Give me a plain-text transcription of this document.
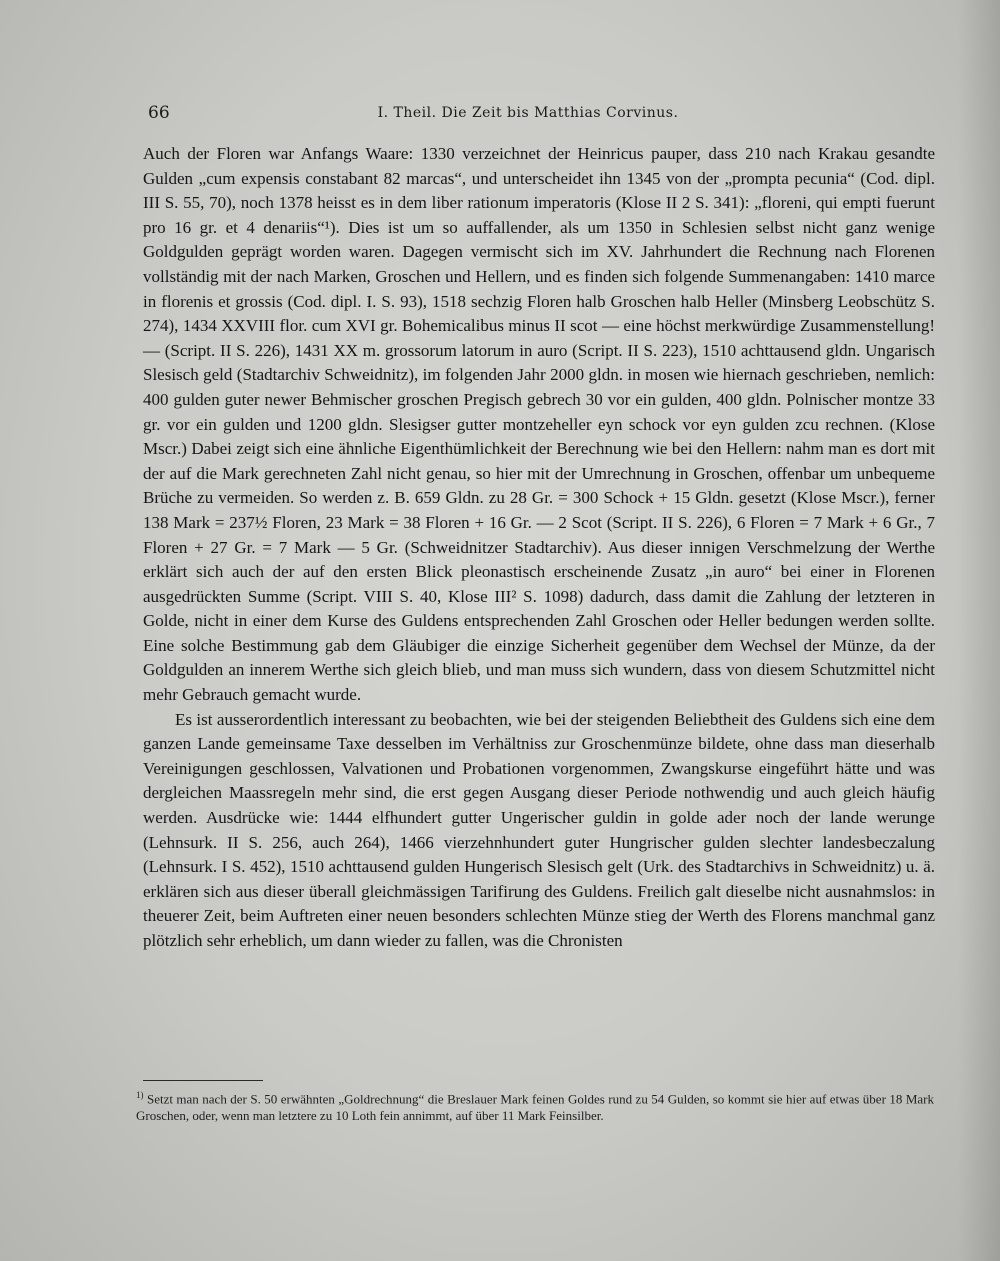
66	I. Theil. Die Zeit bis Matthias Corvinus.

Auch der Floren war Anfangs Waare: 1330 verzeichnet der Heinricus pauper, dass 210 nach Krakau gesandte Gulden „cum expensis constabant 82 marcas“, und unterscheidet ihn 1345 von der „prompta pecunia“ (Cod. dipl. III S. 55, 70), noch 1378 heisst es in dem liber rationum imperatoris (Klose II 2 S. 341): „floreni, qui empti fuerunt pro 16 gr. et 4 denariis“¹). Dies ist um so auffallender, als um 1350 in Schlesien selbst nicht ganz wenige Goldgulden geprägt worden waren. Dagegen vermischt sich im XV. Jahrhundert die Rechnung nach Florenen vollständig mit der nach Marken, Groschen und Hellern, und es finden sich folgende Summenangaben: 1410 marce in florenis et grossis (Cod. dipl. I. S. 93), 1518 sechzig Floren halb Groschen halb Heller (Minsberg Leobschütz S. 274), 1434 XXVIII flor. cum XVI gr. Bohemicalibus minus II scot — eine höchst merkwürdige Zusammenstellung! — (Script. II S. 226), 1431 XX m. grossorum latorum in auro (Script. II S. 223), 1510 achttausend gldn. Ungarisch Slesisch geld (Stadtarchiv Schweidnitz), im folgenden Jahr 2000 gldn. in mosen wie hiernach geschrieben, nemlich: 400 gulden guter newer Behmischer groschen Pregisch gebrech 30 vor ein gulden, 400 gldn. Polnischer montze 33 gr. vor ein gulden und 1200 gldn. Slesigser gutter montzeheller eyn schock vor eyn gulden zcu rechnen. (Klose Mscr.) Dabei zeigt sich eine ähnliche Eigenthümlichkeit der Berechnung wie bei den Hellern: nahm man es dort mit der auf die Mark gerechneten Zahl nicht genau, so hier mit der Umrechnung in Groschen, offenbar um unbequeme Brüche zu vermeiden. So werden z. B. 659 Gldn. zu 28 Gr. = 300 Schock + 15 Gldn. gesetzt (Klose Mscr.), ferner 138 Mark = 237½ Floren, 23 Mark = 38 Floren + 16 Gr. — 2 Scot (Script. II S. 226), 6 Floren = 7 Mark + 6 Gr., 7 Floren + 27 Gr. = 7 Mark — 5 Gr. (Schweidnitzer Stadtarchiv). Aus dieser innigen Verschmelzung der Werthe erklärt sich auch der auf den ersten Blick pleonastisch erscheinende Zusatz „in auro“ bei einer in Florenen ausgedrückten Summe (Script. VIII S. 40, Klose III² S. 1098) dadurch, dass damit die Zahlung der letzteren in Golde, nicht in einer dem Kurse des Guldens entsprechenden Zahl Groschen oder Heller bedungen werden sollte. Eine solche Bestimmung gab dem Gläubiger die einzige Sicherheit gegenüber dem Wechsel der Münze, da der Goldgulden an innerem Werthe sich gleich blieb, und man muss sich wundern, dass von diesem Schutzmittel nicht mehr Gebrauch gemacht wurde.

Es ist ausserordentlich interessant zu beobachten, wie bei der steigenden Beliebtheit des Guldens sich eine dem ganzen Lande gemeinsame Taxe desselben im Verhältniss zur Groschenmünze bildete, ohne dass man dieserhalb Vereinigungen geschlossen, Valvationen und Probationen vorgenommen, Zwangskurse eingeführt hätte und was dergleichen Maassregeln mehr sind, die erst gegen Ausgang dieser Periode nothwendig und auch gleich häufig werden. Ausdrücke wie: 1444 elfhundert gutter Ungerischer guldin in golde ader noch der lande werunge (Lehnsurk. II S. 256, auch 264), 1466 vierzehnhundert guter Hungrischer gulden slechter landesbeczalung (Lehnsurk. I S. 452), 1510 achttausend gulden Hungerisch Slesisch gelt (Urk. des Stadtarchivs in Schweidnitz) u. ä. erklären sich aus dieser überall gleichmässigen Tarifirung des Guldens. Freilich galt dieselbe nicht ausnahmslos: in theuerer Zeit, beim Auftreten einer neuen besonders schlechten Münze stieg der Werth des Florens manchmal ganz plötzlich sehr erheblich, um dann wieder zu fallen, was die Chronisten

$^{1)}$ Setzt man nach der S. 50 erwähnten „Goldrechnung“ die Breslauer Mark feinen Goldes rund zu 54 Gulden, so kommt sie hier auf etwas über 18 Mark Groschen, oder, wenn man letztere zu 10 Loth fein annimmt, auf über 11 Mark Feinsilber.
